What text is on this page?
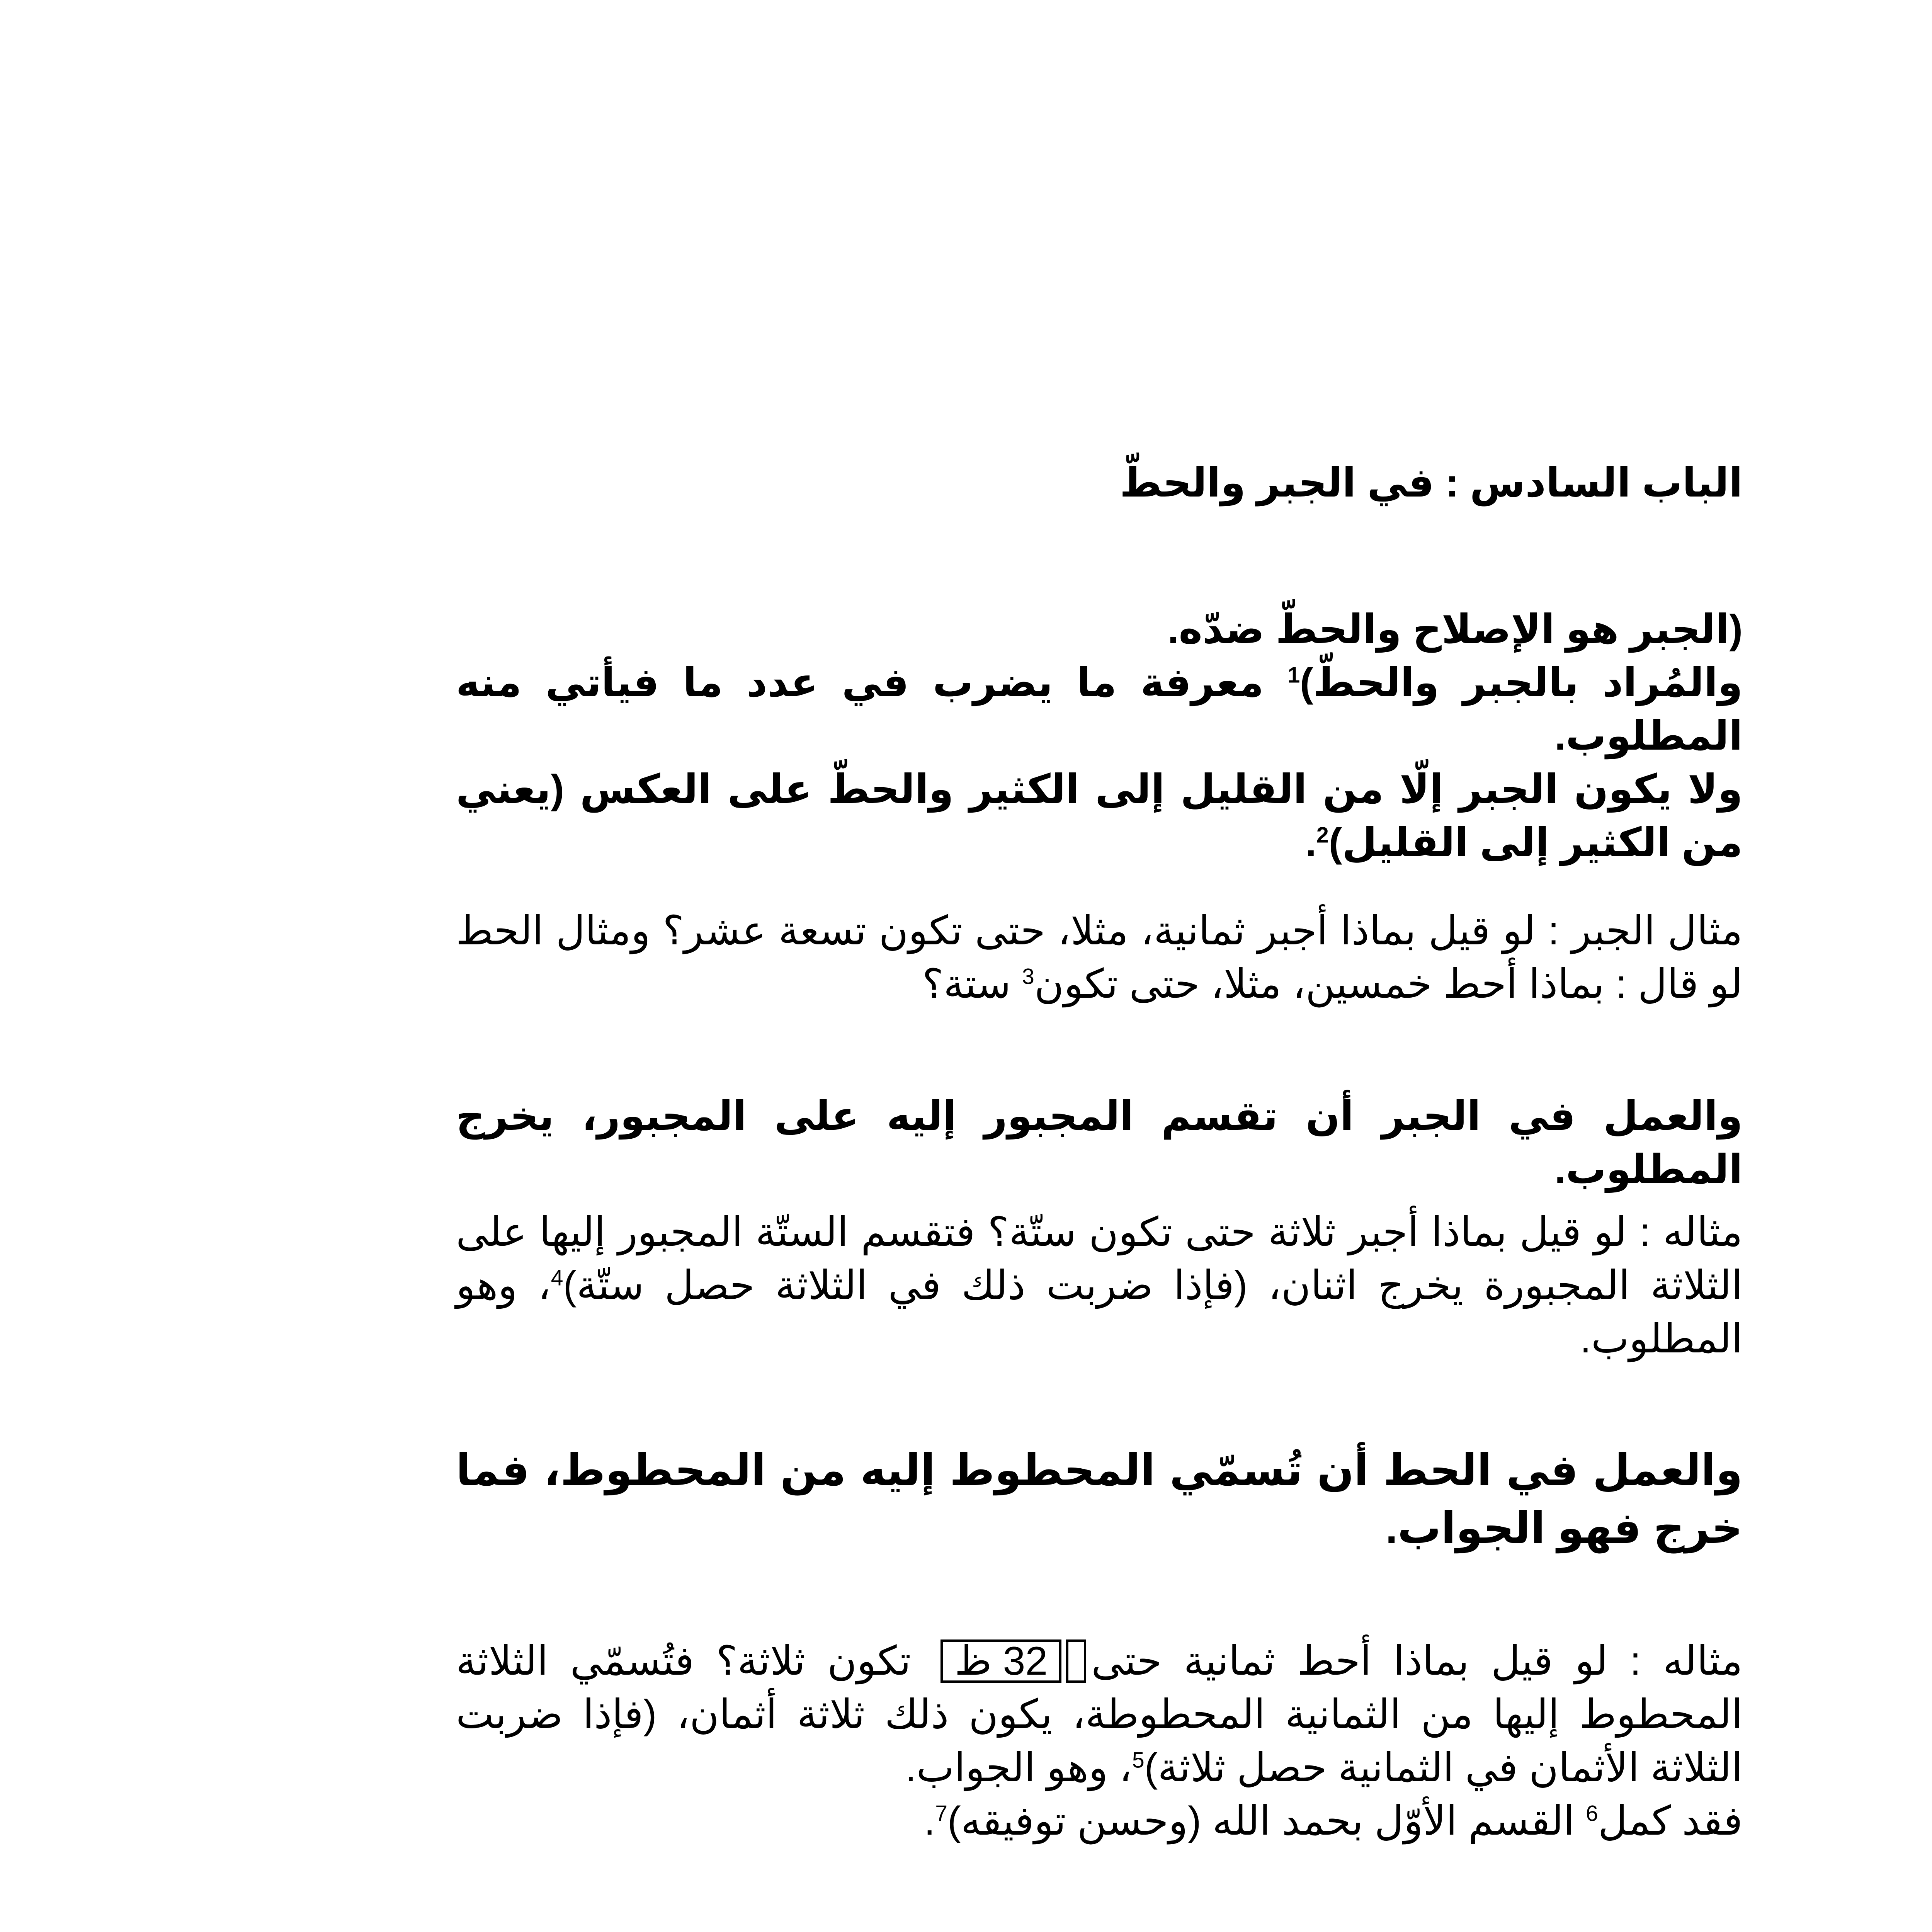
الباب السادس : في الجبر والحطّ
(الجبر هو الإصلاح والحطّ ضدّه.
والمُراد بالجبر والحطّ)$^1$ معرفة ما يضرب في عدد ما فيأتي منه المطلوب.
ولا يكون الجبر إلّا من القليل إلى الكثير والحطّ على العكس (يعني من الكثير إلى القليل)$^2$.
مثال الجبر : لو قيل بماذا أجبر ثمانية، مثلا، حتى تكون تسعة عشر؟ ومثال الحط لو قال : بماذا أحط خمسين، مثلا، حتى تكون$^3$ ستة؟
والعمل في الجبر أن تقسم المجبور إليه على المجبور، يخرج المطلوب.
مثاله : لو قيل بماذا أجبر ثلاثة حتى تكون ستّة؟ فتقسم الستّة المجبور إليها على الثلاثة المجبورة يخرج اثنان، (فإذا ضربت ذلك في الثلاثة حصل ستّة)$^4$، وهو المطلوب.
والعمل في الحط أن تُسمّي المحطوط إليه من المحطوط، فما خرج فهو الجواب.
مثاله : لو قيل بماذا أحط ثمانية حتى 32 ظ
تكون ثلاثة؟ فتُسمّي الثلاثة المحطوط إليها من الثمانية المحطوطة، يكون ذلك ثلاثة أثمان، (فإذا ضربت الثلاثة الأثمان في الثمانية حصل ثلاثة)$^5$، وهو الجواب.
فقد كمل$^6$ القسم الأوّل بحمد الله (وحسن توفيقه)$^7$.
